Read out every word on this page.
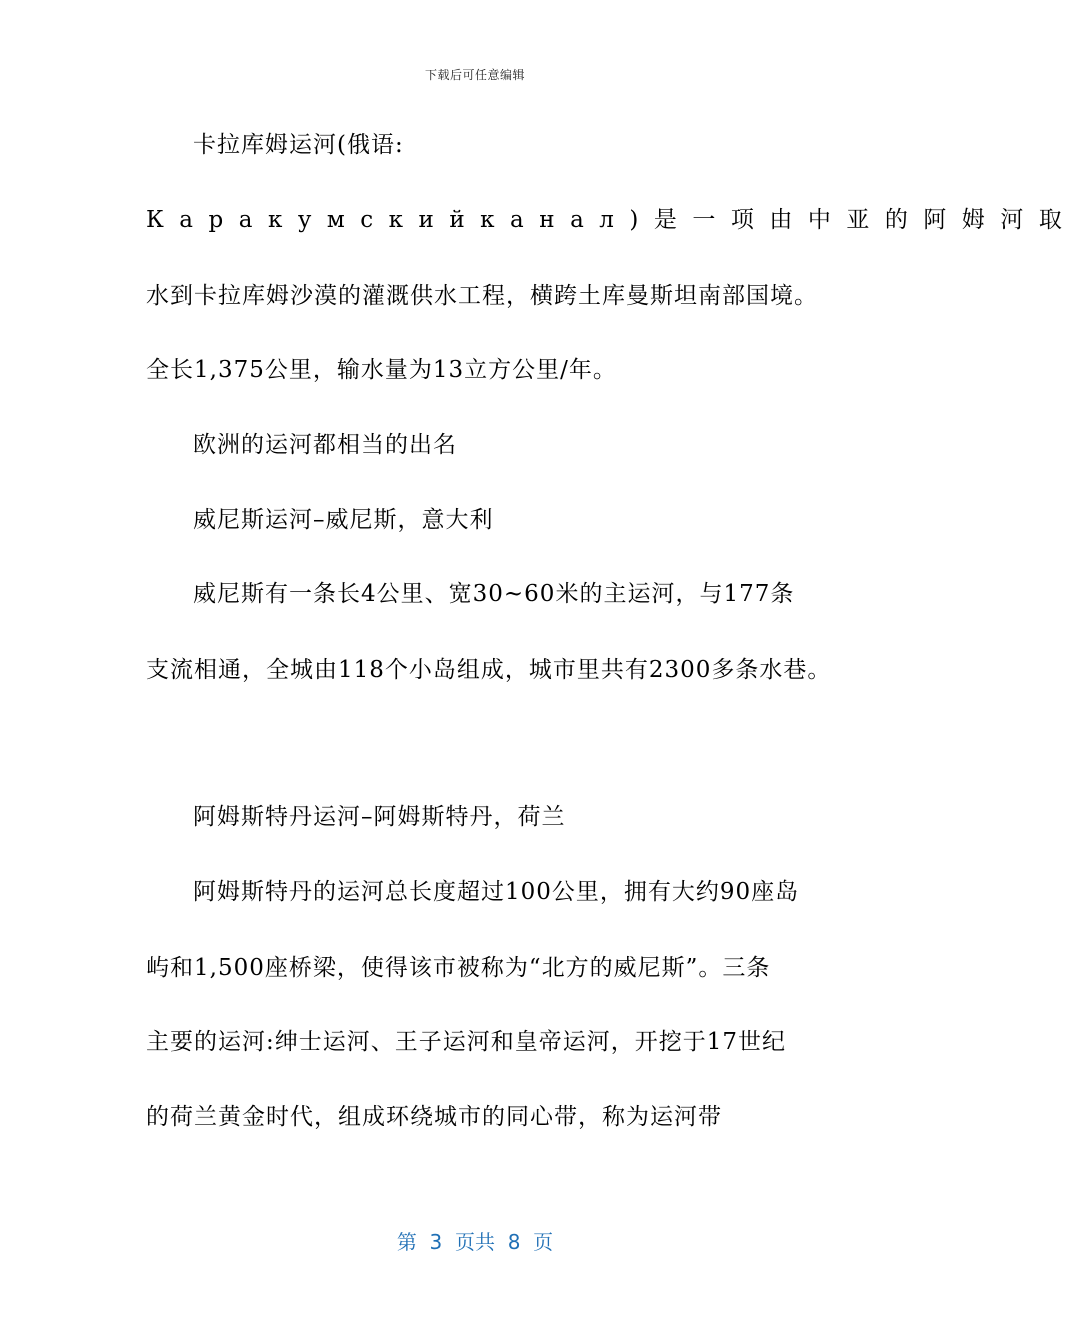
下载后可任意编辑
卡拉库姆运河(俄语:
Каракумскийканал)是一项由中亚的阿姆河取
水到卡拉库姆沙漠的灌溉供水工程，横跨土库曼斯坦南部国境。
全长1,375公里，输水量为13立方公里/年。
欧洲的运河都相当的出名
威尼斯运河–威尼斯，意大利
威尼斯有一条长4公里、宽30~60米的主运河，与177条
支流相通，全城由118个小岛组成，城市里共有2300多条水巷。
阿姆斯特丹运河–阿姆斯特丹，荷兰
阿姆斯特丹的运河总长度超过100公里，拥有大约90座岛
屿和1,500座桥梁，使得该市被称为“北方的威尼斯”。三条
主要的运河:绅士运河、王子运河和皇帝运河，开挖于17世纪
的荷兰黄金时代，组成环绕城市的同心带，称为运河带
第  3  页共  8  页
